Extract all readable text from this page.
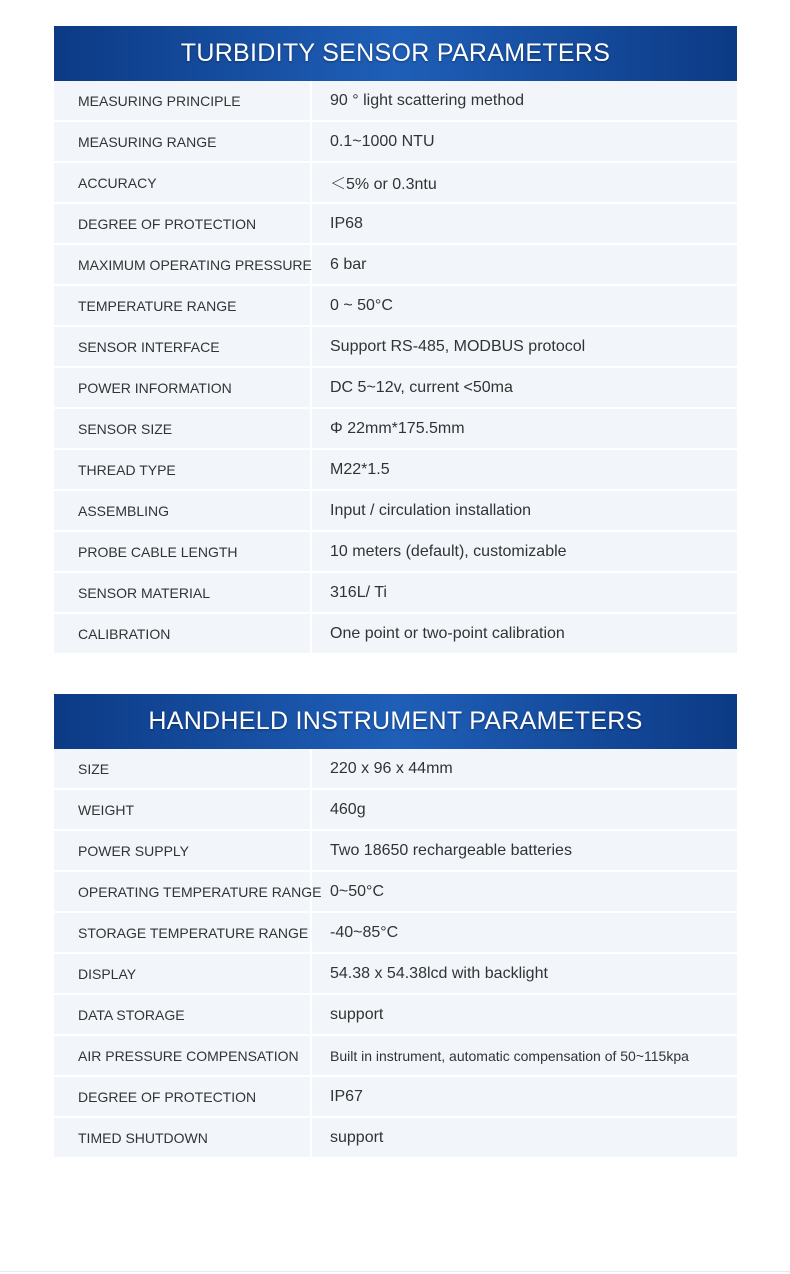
TURBIDITY SENSOR PARAMETERS
MEASURING PRINCIPLE	90 ° light scattering method
MEASURING RANGE	0.1~1000 NTU
ACCURACY	＜5% or 0.3ntu
DEGREE OF PROTECTION	IP68
MAXIMUM OPERATING PRESSURE	6 bar
TEMPERATURE RANGE	0 ~ 50°C
SENSOR INTERFACE	Support RS-485, MODBUS protocol
POWER INFORMATION	DC 5~12v, current <50ma
SENSOR SIZE	Φ 22mm*175.5mm
THREAD TYPE	M22*1.5
ASSEMBLING	Input / circulation installation
PROBE CABLE LENGTH	10 meters (default), customizable
SENSOR MATERIAL	316L/ Ti
CALIBRATION	One point or two-point calibration
HANDHELD INSTRUMENT PARAMETERS
SIZE	220 x 96 x 44mm
WEIGHT	460g
POWER SUPPLY	Two 18650 rechargeable batteries
OPERATING TEMPERATURE RANGE 0~50°C
STORAGE TEMPERATURE RANGE	-40~85°C
DISPLAY	54.38 x 54.38lcd with backlight
DATA STORAGE	support
AIR PRESSURE COMPENSATION	Built in instrument, automatic compensation of 50~115kpa
DEGREE OF PROTECTION	IP67
TIMED SHUTDOWN	support
